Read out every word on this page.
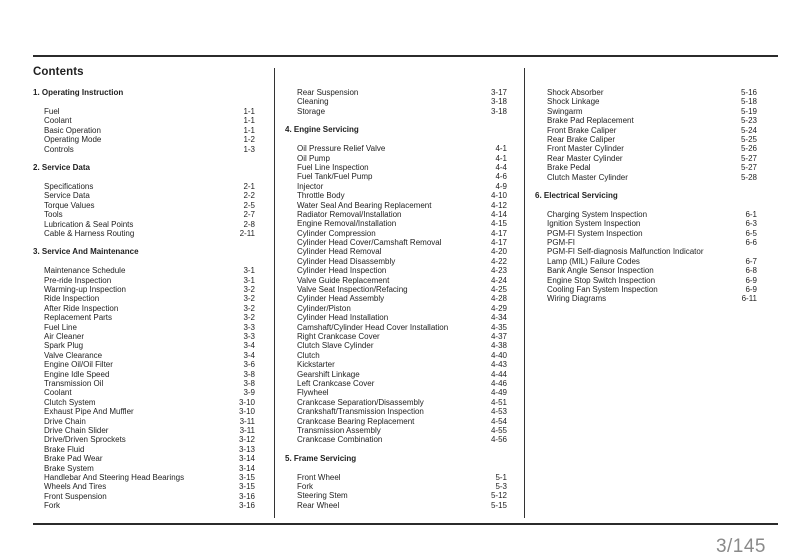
Contents
1. Operating Instruction
Fuel	1-1
Coolant	1-1
Basic Operation	1-1
Operating Mode	1-2
Controls	1-3
2. Service Data
Specifications	2-1
Service Data	2-2
Torque Values	2-5
Tools	2-7
Lubrication & Seal Points	2-8
Cable & Harness Routing	2-11
3. Service And Maintenance
Maintenance Schedule	3-1
Pre-ride Inspection	3-1
Warming-up Inspection	3-2
Ride Inspection	3-2
After Ride Inspection	3-2
Replacement Parts	3-2
Fuel Line	3-3
Air Cleaner	3-3
Spark Plug	3-4
Valve Clearance	3-4
Engine Oil/Oil Filter	3-6
Engine Idle Speed	3-8
Transmission Oil	3-8
Coolant	3-9
Clutch System	3-10
Exhaust Pipe And Muffler	3-10
Drive Chain	3-11
Drive Chain Slider	3-11
Drive/Driven Sprockets	3-12
Brake Fluid	3-13
Brake Pad Wear	3-14
Brake System	3-14
Handlebar And Steering Head Bearings	3-15
Wheels And Tires	3-15
Front Suspension	3-16
Fork	3-16
Rear Suspension	3-17
Cleaning	3-18
Storage	3-18
4. Engine Servicing
Oil Pressure Relief Valve	4-1
Oil Pump	4-1
Fuel Line Inspection	4-4
Fuel Tank/Fuel Pump	4-6
Injector	4-9
Throttle Body	4-10
Water Seal And Bearing Replacement	4-12
Radiator Removal/Installation	4-14
Engine Removal/Installation	4-15
Cylinder Compression	4-17
Cylinder Head Cover/Camshaft Removal	4-17
Cylinder Head Removal	4-20
Cylinder Head Disassembly	4-22
Cylinder Head Inspection	4-23
Valve Guide Replacement	4-24
Valve Seat Inspection/Refacing	4-25
Cylinder Head Assembly	4-28
Cylinder/Piston	4-29
Cylinder Head Installation	4-34
Camshaft/Cylinder Head Cover Installation	4-35
Right Crankcase Cover	4-37
Clutch Slave Cylinder	4-38
Clutch	4-40
Kickstarter	4-43
Gearshift Linkage	4-44
Left Crankcase Cover	4-46
Flywheel	4-49
Crankcase Separation/Disassembly	4-51
Crankshaft/Transmission Inspection	4-53
Crankcase Bearing Replacement	4-54
Transmission Assembly	4-55
Crankcase Combination	4-56
5. Frame Servicing
Front Wheel	5-1
Fork	5-3
Steering Stem	5-12
Rear Wheel	5-15
Shock Absorber	5-16
Shock Linkage	5-18
Swingarm	5-19
Brake Pad Replacement	5-23
Front Brake Caliper	5-24
Rear Brake Caliper	5-25
Front Master Cylinder	5-26
Rear Master Cylinder	5-27
Brake Pedal	5-27
Clutch Master Cylinder	5-28
6. Electrical Servicing
Charging System Inspection	6-1
Ignition System Inspection	6-3
PGM-FI System Inspection	6-5
PGM-FI	6-6
PGM-FI Self-diagnosis Malfunction Indicator
Lamp (MIL) Failure Codes	6-7
Bank Angle Sensor Inspection	6-8
Engine Stop Switch Inspection	6-9
Cooling Fan System Inspection	6-9
Wiring Diagrams	6-11
3/145
